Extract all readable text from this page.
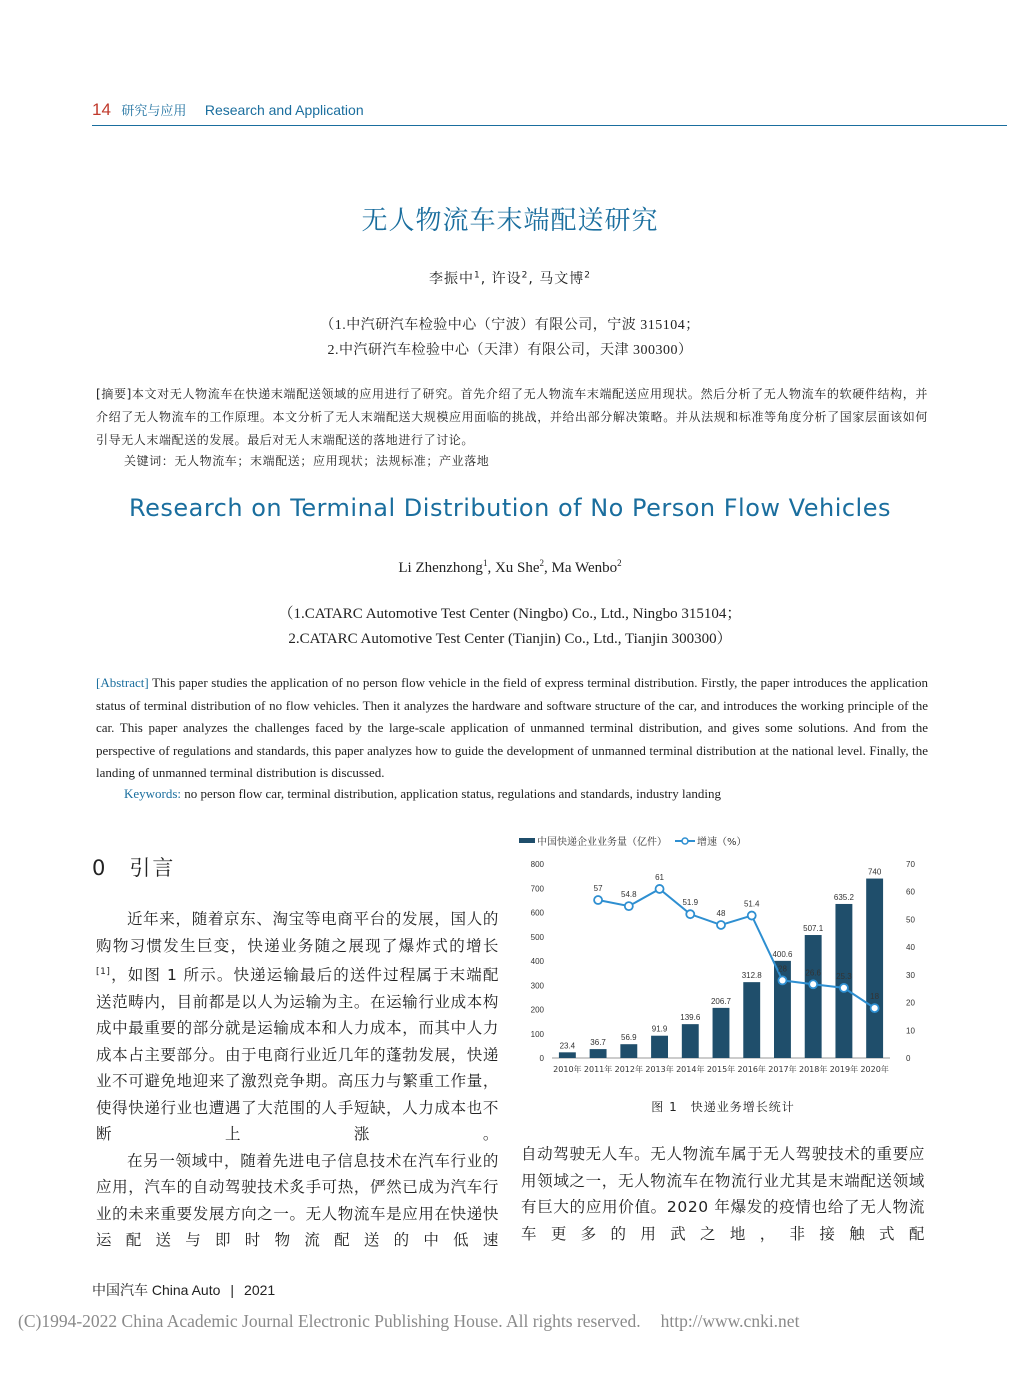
14 研究与应用 Research and Application
无人物流车末端配送研究
李振中$^1$, 许设$^2$, 马文博$^2$
（1.中汽研汽车检验中心（宁波）有限公司，宁波 315104；
2.中汽研汽车检验中心（天津）有限公司，天津 300300）
[摘要]本文对无人物流车在快递末端配送领域的应用进行了研究。首先介绍了无人物流车末端配送应用现状。然后分析了无人物流车的软硬件结构，并介绍了无人物流车的工作原理。本文分析了无人末端配送大规模应用面临的挑战，并给出部分解决策略。并从法规和标准等角度分析了国家层面该如何引导无人末端配送的发展。最后对无人末端配送的落地进行了讨论。
关键词：无人物流车；末端配送；应用现状；法规标准；产业落地
Research on Terminal Distribution of No Person Flow Vehicles
Li Zhenzhong$^1$, Xu She$^2$, Ma Wenbo$^2$
（1.CATARC Automotive Test Center (Ningbo) Co., Ltd., Ningbo 315104；
2.CATARC Automotive Test Center (Tianjin) Co., Ltd., Tianjin 300300）
[Abstract] This paper studies the application of no person flow vehicle in the field of express terminal distribution. Firstly, the paper introduces the application status of terminal distribution of no flow vehicles. Then it analyzes the hardware and software structure of the car, and introduces the working principle of the car. This paper analyzes the challenges faced by the large-scale application of unmanned terminal distribution, and gives some solutions. And from the perspective of regulations and standards, this paper analyzes how to guide the development of unmanned terminal distribution at the national level. Finally, the landing of unmanned terminal distribution is discussed.
Keywords: no person flow car, terminal distribution, application status, regulations and standards, industry landing
0 引言

近年来，随着京东、淘宝等电商平台的发展，国人的购物习惯发生巨变，快递业务随之展现了爆炸式的增长[1]，如图 1 所示。快递运输最后的送件过程属于末端配送范畴内，目前都是以人为运输为主。在运输行业成本构成中最重要的部分就是运输成本和人力成本，而其中人力成本占主要部分。由于电商行业近几年的蓬勃发展，快递业不可避免地迎来了激烈竞争期。高压力与繁重工作量，使得快递行业也遭遇了大范围的人手短缺，人力成本也不断上涨。

在另一领域中，随着先进电子信息技术在汽车行业的应用，汽车的自动驾驶技术炙手可热，俨然已成为汽车行业的未来重要发展方向之一。无人物流车是应用在快递快运配送与即时物流配送的中低速

中国快递企业业务量（亿件）	增速（%）
0
100
200
300
400
500
600
700
800
0
10
20
30
40
50
60
70
23.4
2010年
36.7
2011年
56.9
2012年
91.9
2013年
139.6
2014年
206.7
2015年
312.8
2016年
400.6
2017年
507.1
2018年
635.2
2019年
740
2020年
57
54.8
61
51.9
48
51.4
28 26.6 25.3
18
图 1　快递业务增长统计

自动驾驶无人车。无人物流车属于无人驾驶技术的重要应用领域之一，无人物流车在物流行业尤其是末端配送领域有巨大的应用价值。2020 年爆发的疫情也给了无人物流车更多的用武之地，非接触式配

中国汽车 China Auto | 2021
(C)1994-2022 China Academic Journal Electronic Publishing House. All rights reserved. http://www.cnki.net
